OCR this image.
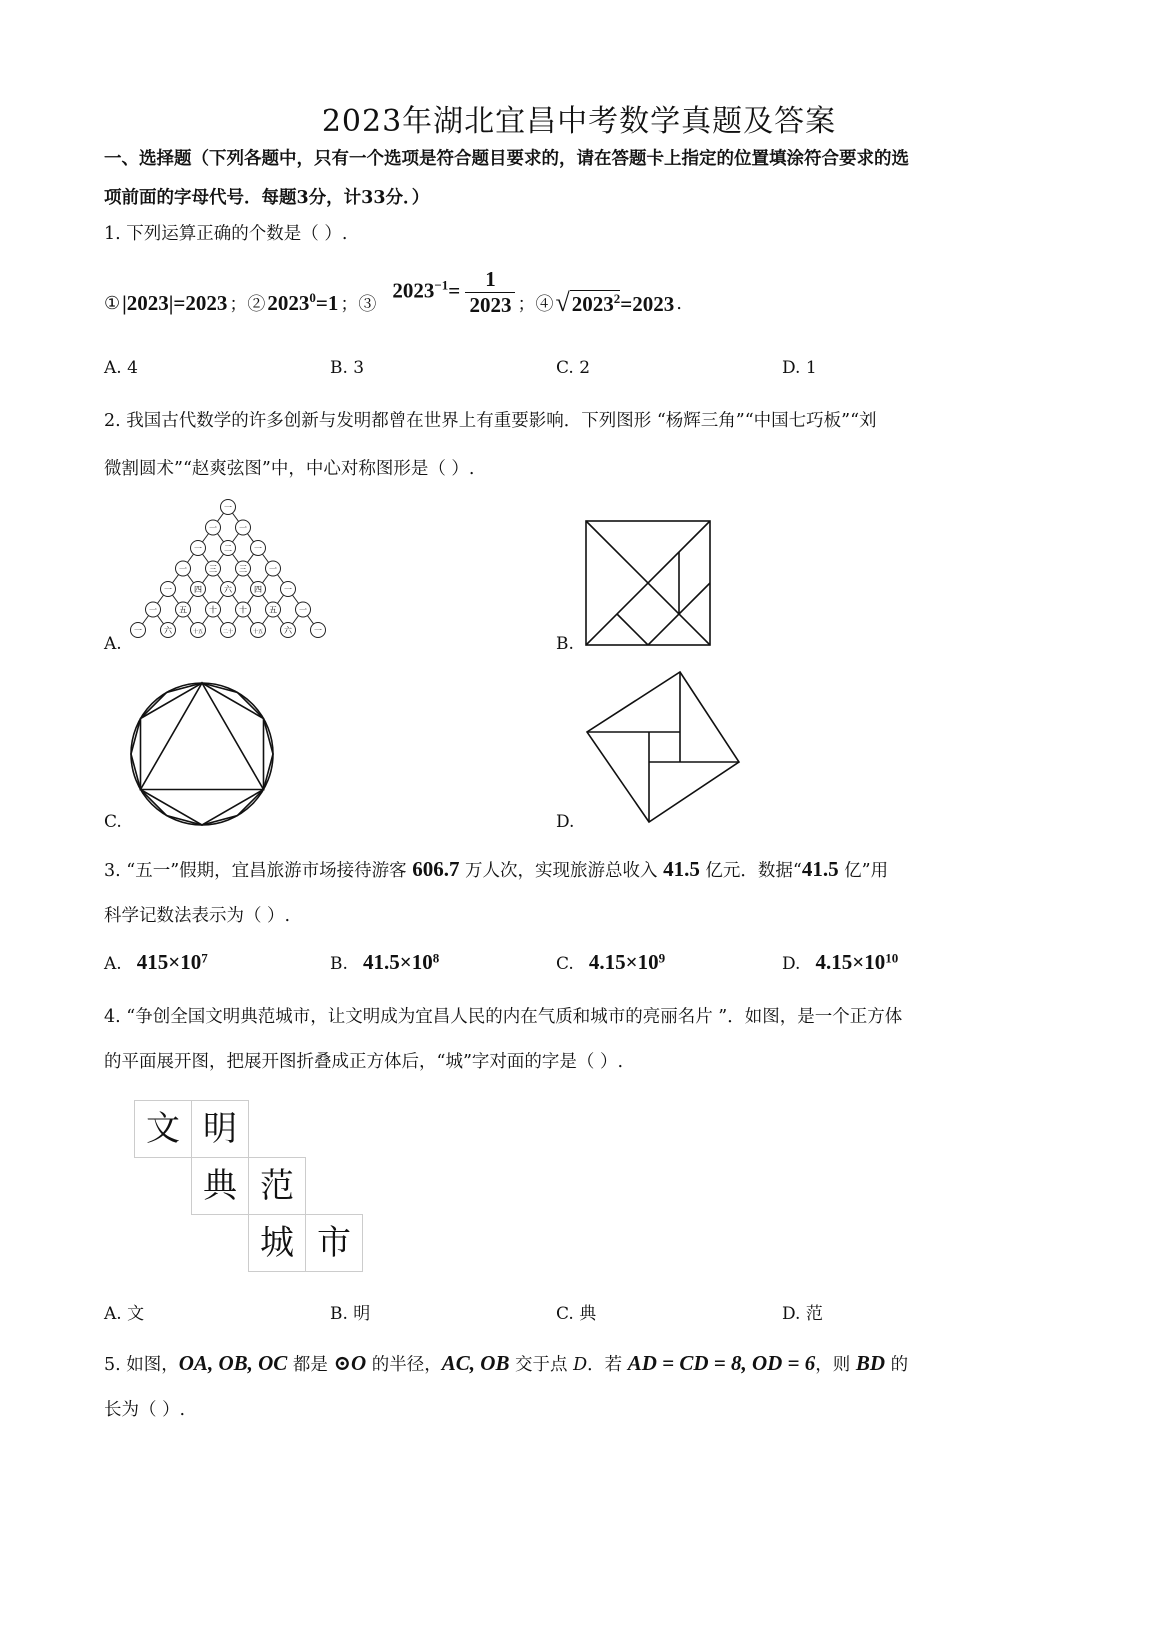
2023年湖北宜昌中考数学真题及答案
一、选择题（下列各题中，只有一个选项是符合题目要求的，请在答题卡上指定的位置填涂符合要求的选
项前面的字母代号．每题3分，计33分．）
1. 下列运算正确的个数是（ ）.
① |2023|=2023 ；② $2023^0=1$ ；③
$2023^{-1}= \frac{1}{2023}$ ；④ $√2023^2=2023$ .
A. 4	B. 3	C. 2	D. 1
2. 我国古代数学的许多创新与发明都曾在世界上有重要影响．下列图形 “杨辉三角”“中国七巧板”“刘
微割圆术”“赵爽弦图”中，中心对称图形是（ ）.
一
一	一
一	二	一
一	三	三	一
一	四	六	四	一
一	五	十	十	五	一
一	六	十五	二十	十五	六	一
A.	B.
C.	D.
3. “五一”假期，宜昌旅游市场接待游客 606.7 万人次，实现旅游总收入 41.5 亿元．数据“41.5 亿”用
科学记数法表示为（ ）.
A. $415\times 10^7$	B. $41.5\times 10^8$	C. $4.15\times 10^9$	D. $4.15\times 10^{10}$
4. “争创全国文明典范城市，让文明成为宜昌人民的内在气质和城市的亮丽名片 ”．如图，是一个正方体
的平面展开图，把展开图折叠成正方体后，“城”字对面的字是（ ）.
文 明
典 范
城 市
A. 文	B. 明	C. 典	D. 范
5. 如图，OA, OB, OC 都是 ⊙O 的半径，AC, OB 交于点 D．若 AD = CD = 8, OD = 6，则 BD 的
长为（ ）.
